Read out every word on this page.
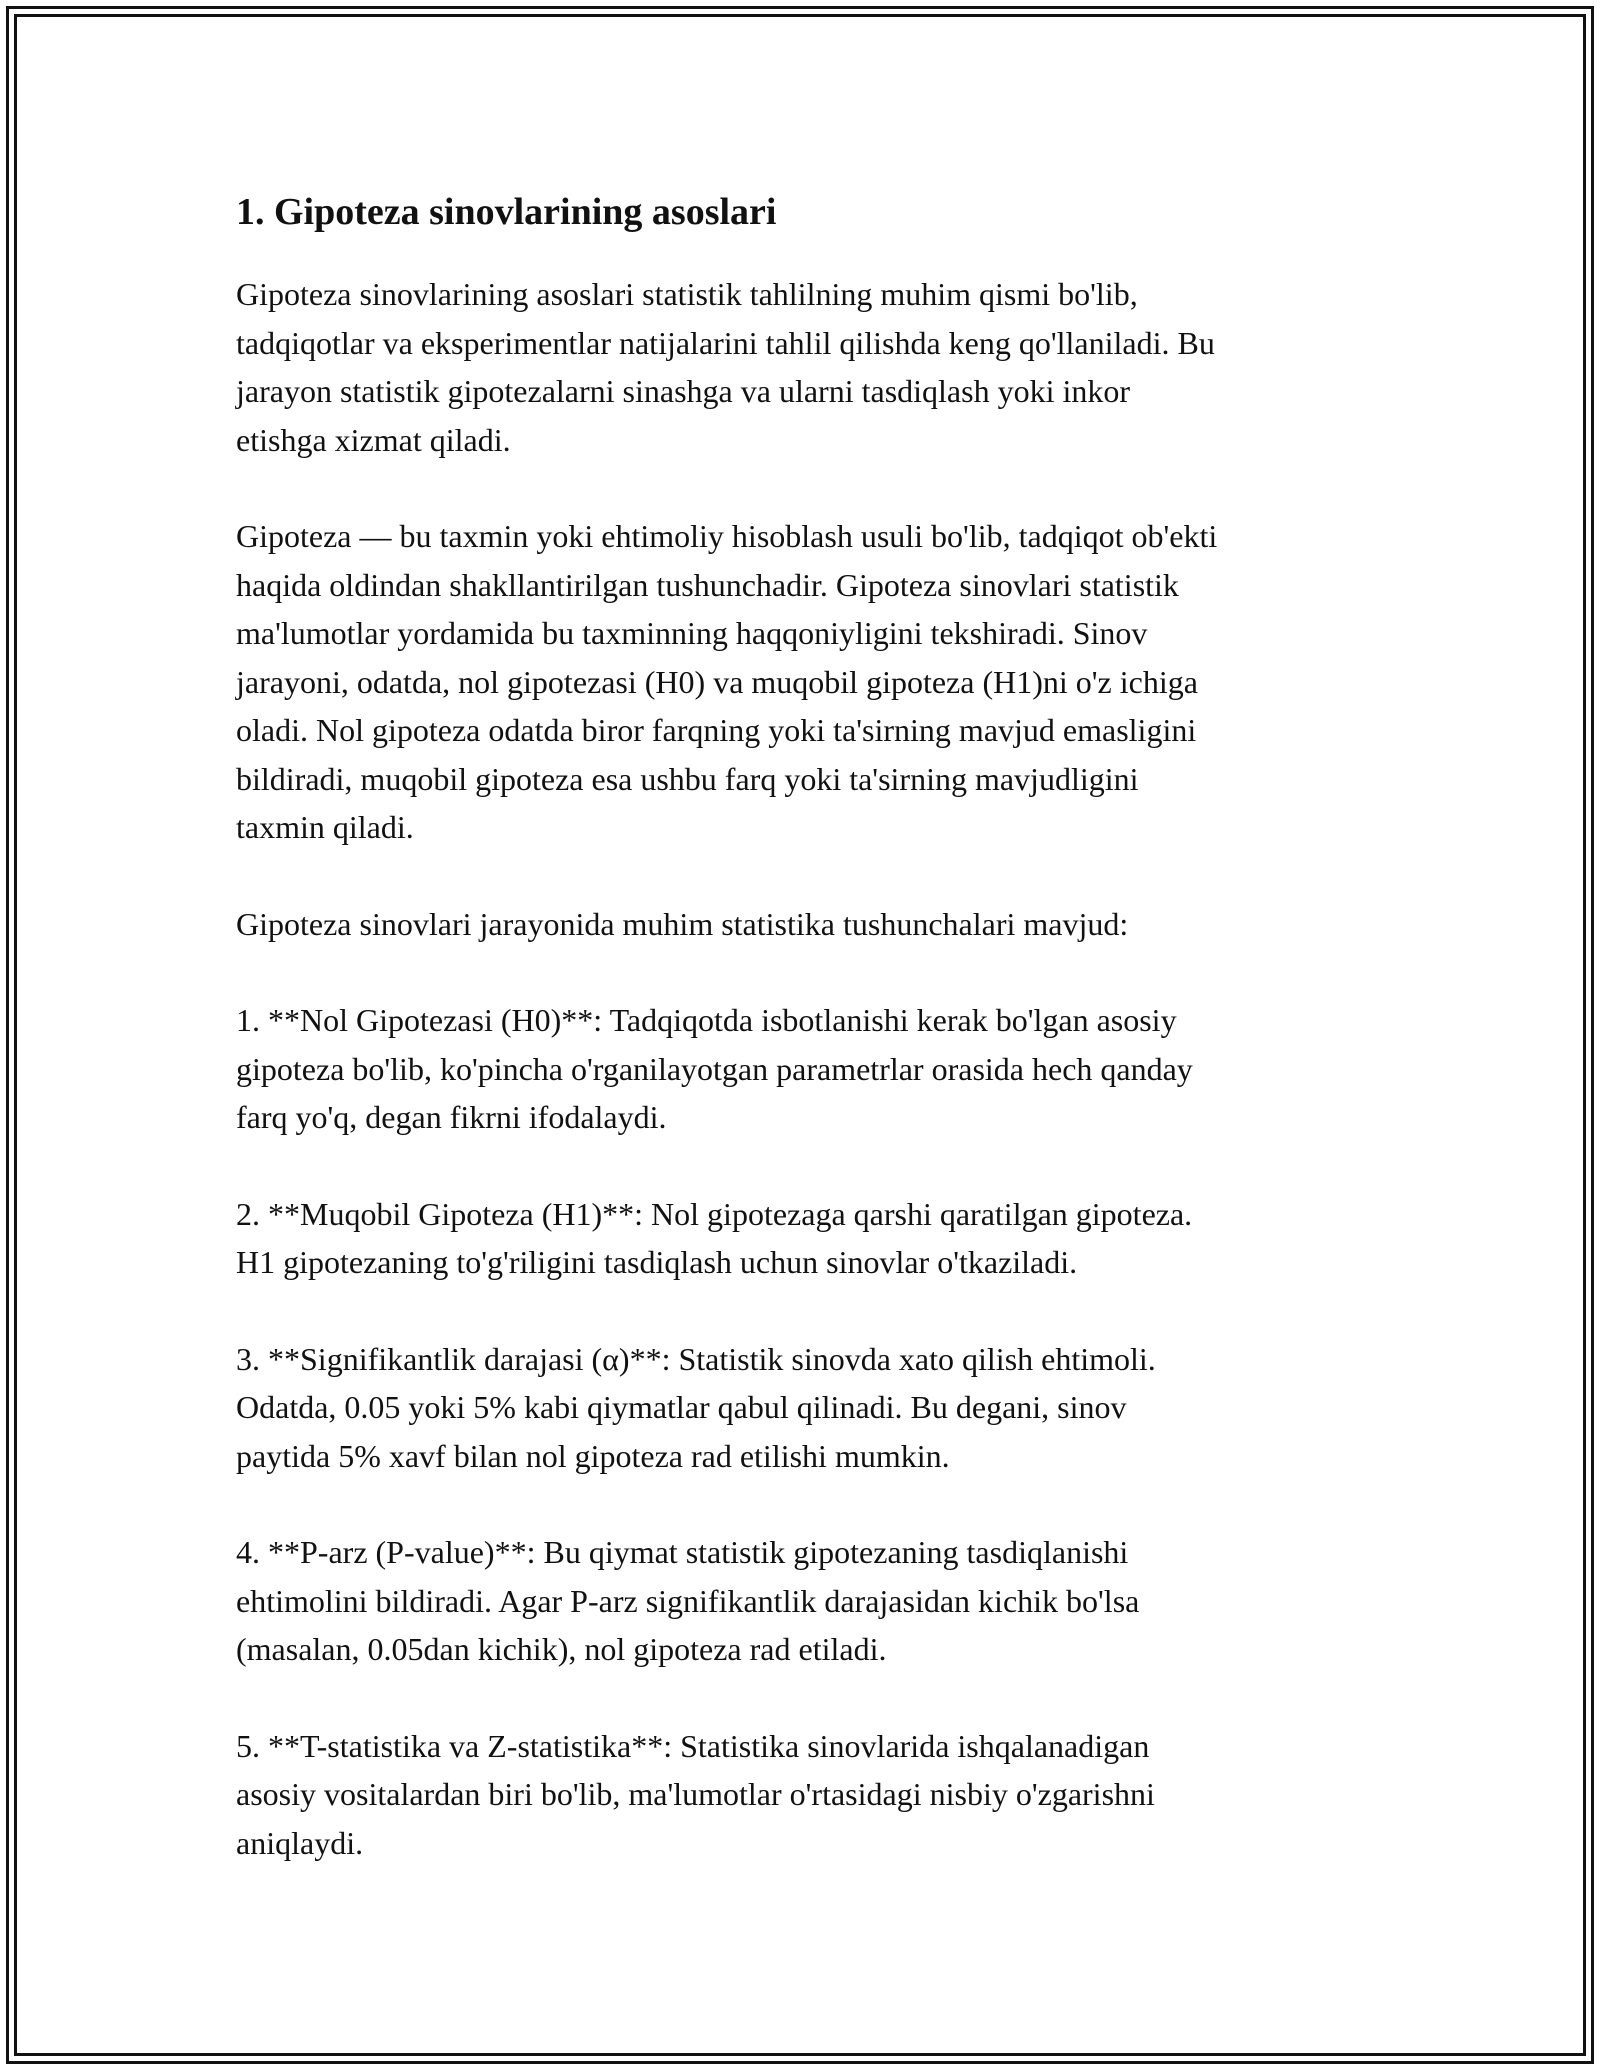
1. Gipoteza sinovlarining asoslari

Gipoteza sinovlarining asoslari statistik tahlilning muhim qismi bo'lib,
tadqiqotlar va eksperimentlar natijalarini tahlil qilishda keng qo'llaniladi. Bu
jarayon statistik gipotezalarni sinashga va ularni tasdiqlash yoki inkor
etishga xizmat qiladi.

Gipoteza — bu taxmin yoki ehtimoliy hisoblash usuli bo'lib, tadqiqot ob'ekti
haqida oldindan shakllantirilgan tushunchadir. Gipoteza sinovlari statistik
ma'lumotlar yordamida bu taxminning haqqoniyligini tekshiradi. Sinov
jarayoni, odatda, nol gipotezasi (H0) va muqobil gipoteza (H1)ni o'z ichiga
oladi. Nol gipoteza odatda biror farqning yoki ta'sirning mavjud emasligini
bildiradi, muqobil gipoteza esa ushbu farq yoki ta'sirning mavjudligini
taxmin qiladi.

Gipoteza sinovlari jarayonida muhim statistika tushunchalari mavjud:

1. **Nol Gipotezasi (H0)**: Tadqiqotda isbotlanishi kerak bo'lgan asosiy
gipoteza bo'lib, ko'pincha o'rganilayotgan parametrlar orasida hech qanday
farq yo'q, degan fikrni ifodalaydi.

2. **Muqobil Gipoteza (H1)**: Nol gipotezaga qarshi qaratilgan gipoteza.
H1 gipotezaning to'g'riligini tasdiqlash uchun sinovlar o'tkaziladi.

3. **Signifikantlik darajasi (α)**: Statistik sinovda xato qilish ehtimoli.
Odatda, 0.05 yoki 5% kabi qiymatlar qabul qilinadi. Bu degani, sinov
paytida 5% xavf bilan nol gipoteza rad etilishi mumkin.

4. **P-arz (P-value)**: Bu qiymat statistik gipotezaning tasdiqlanishi
ehtimolini bildiradi. Agar P-arz signifikantlik darajasidan kichik bo'lsa
(masalan, 0.05dan kichik), nol gipoteza rad etiladi.

5. **T-statistika va Z-statistika**: Statistika sinovlarida ishqalanadigan
asosiy vositalardan biri bo'lib, ma'lumotlar o'rtasidagi nisbiy o'zgarishni
aniqlaydi.
